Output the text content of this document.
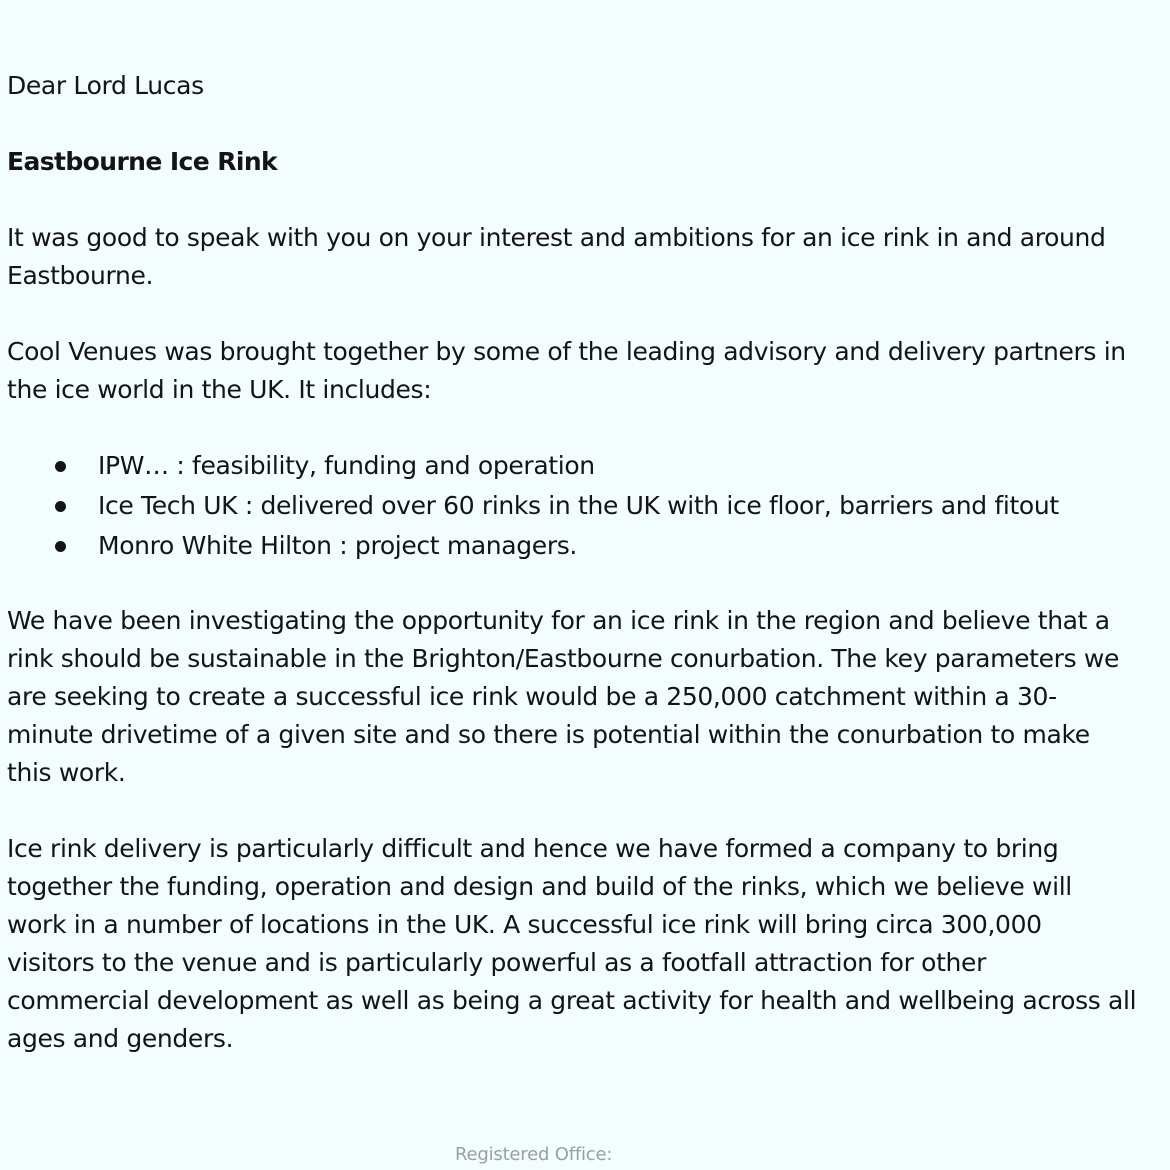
Dear Lord Lucas

Eastbourne Ice Rink

It was good to speak with you on your interest and ambitions for an ice rink in and around

Eastbourne.

Cool Venues was brought together by some of the leading advisory and delivery partners in

the ice world in the UK. It includes:

IPW… : feasibility, funding and operation
Ice Tech UK : delivered over 60 rinks in the UK with ice floor, barriers and fitout
Monro White Hilton : project managers.

We have been investigating the opportunity for an ice rink in the region and believe that a

rink should be sustainable in the Brighton/Eastbourne conurbation. The key parameters we

are seeking to create a successful ice rink would be a 250,000 catchment within a 30-

minute drivetime of a given site and so there is potential within the conurbation to make

this work.

Ice rink delivery is particularly difficult and hence we have formed a company to bring

together the funding, operation and design and build of the rinks, which we believe will

work in a number of locations in the UK. A successful ice rink will bring circa 300,000

visitors to the venue and is particularly powerful as a footfall attraction for other

commercial development as well as being a great activity for health and wellbeing across all

ages and genders.

Registered Office:
